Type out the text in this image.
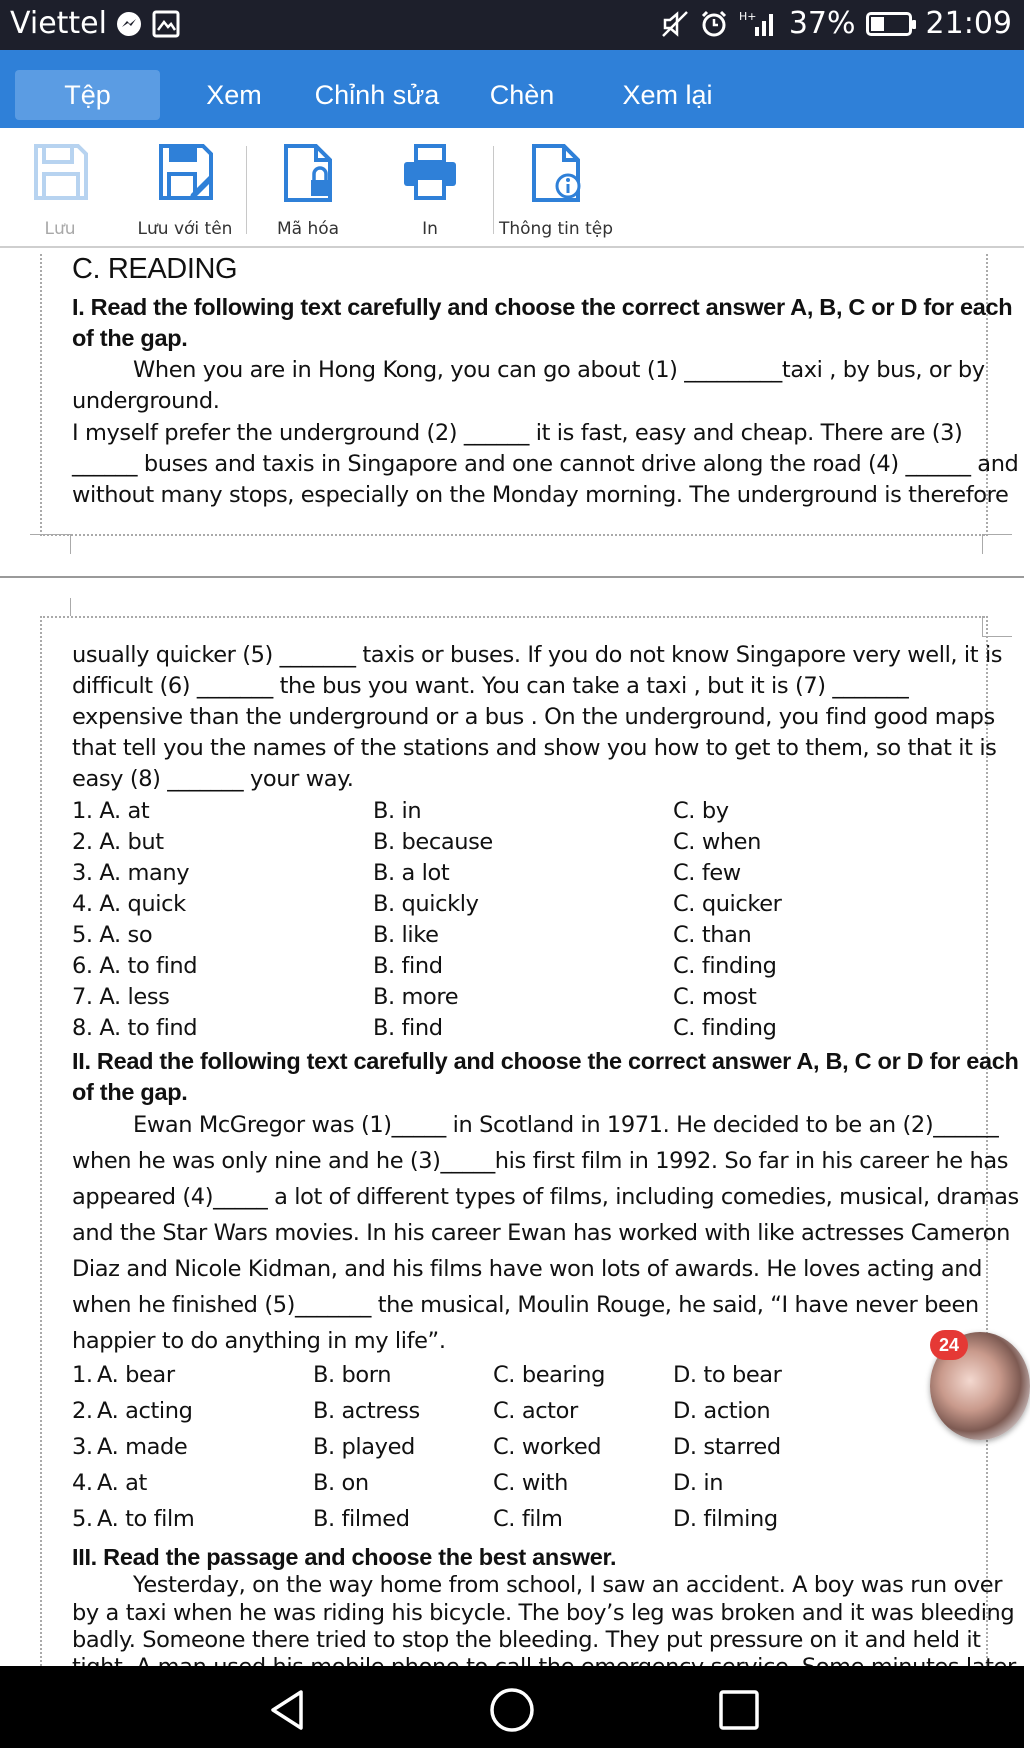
Viettel	H+ 37% 21:09
Tệp	Xem	Chỉnh sửa	Chèn	Xem lại
Lưu	Lưu với tên	Mã hóa	In	Thông tin tệp
C. READING
I. Read the following text carefully and choose the correct answer A, B, C or D for each
of the gap.
When you are in Hong Kong, you can go about (1) _________taxi , by bus, or by
underground.
I myself prefer the underground (2) ______ it is fast, easy and cheap. There are (3)
______ buses and taxis in Singapore and one cannot drive along the road (4) ______ and
without many stops, especially on the Monday morning. The underground is therefore
usually quicker (5) _______ taxis or buses. If you do not know Singapore very well, it is
difficult (6) _______ the bus you want. You can take a taxi , but it is (7) _______
expensive than the underground or a bus . On the underground, you find good maps
that tell you the names of the stations and show you how to get to them, so that it is
easy (8) _______ your way.
1. A. at	B. in	C. by
2. A. but	B. because	C. when
3. A. many	B. a lot	C. few
4. A. quick	B. quickly	C. quicker
5. A. so	B. like	C. than
6. A. to find	B. find	C. finding
7. A. less	B. more	C. most
8. A. to find	B. find	C. finding
II. Read the following text carefully and choose the correct answer A, B, C or D for each
of the gap.
Ewan McGregor was (1)_____ in Scotland in 1971. He decided to be an (2)______
when he was only nine and he (3)_____his first film in 1992. So far in his career he has
appeared (4)_____ a lot of different types of films, including comedies, musical, dramas
and the Star Wars movies. In his career Ewan has worked with like actresses Cameron
Diaz and Nicole Kidman, and his films have won lots of awards. He loves acting and
when he finished (5)_______ the musical, Moulin Rouge, he said, “I have never been
happier to do anything in my life”.
1. A. bear	B. born	C. bearing	D. to bear
2. A. acting	B. actress	C. actor	D. action
3. A. made	B. played	C. worked	D. starred
4. A. at	B. on	C. with	D. in
5. A. to film	B. filmed	C. film	D. filming
III. Read the passage and choose the best answer.
Yesterday, on the way home from school, I saw an accident. A boy was run over
by a taxi when he was riding his bicycle. The boy’s leg was broken and it was bleeding
badly. Someone there tried to stop the bleeding. They put pressure on it and held it
24
